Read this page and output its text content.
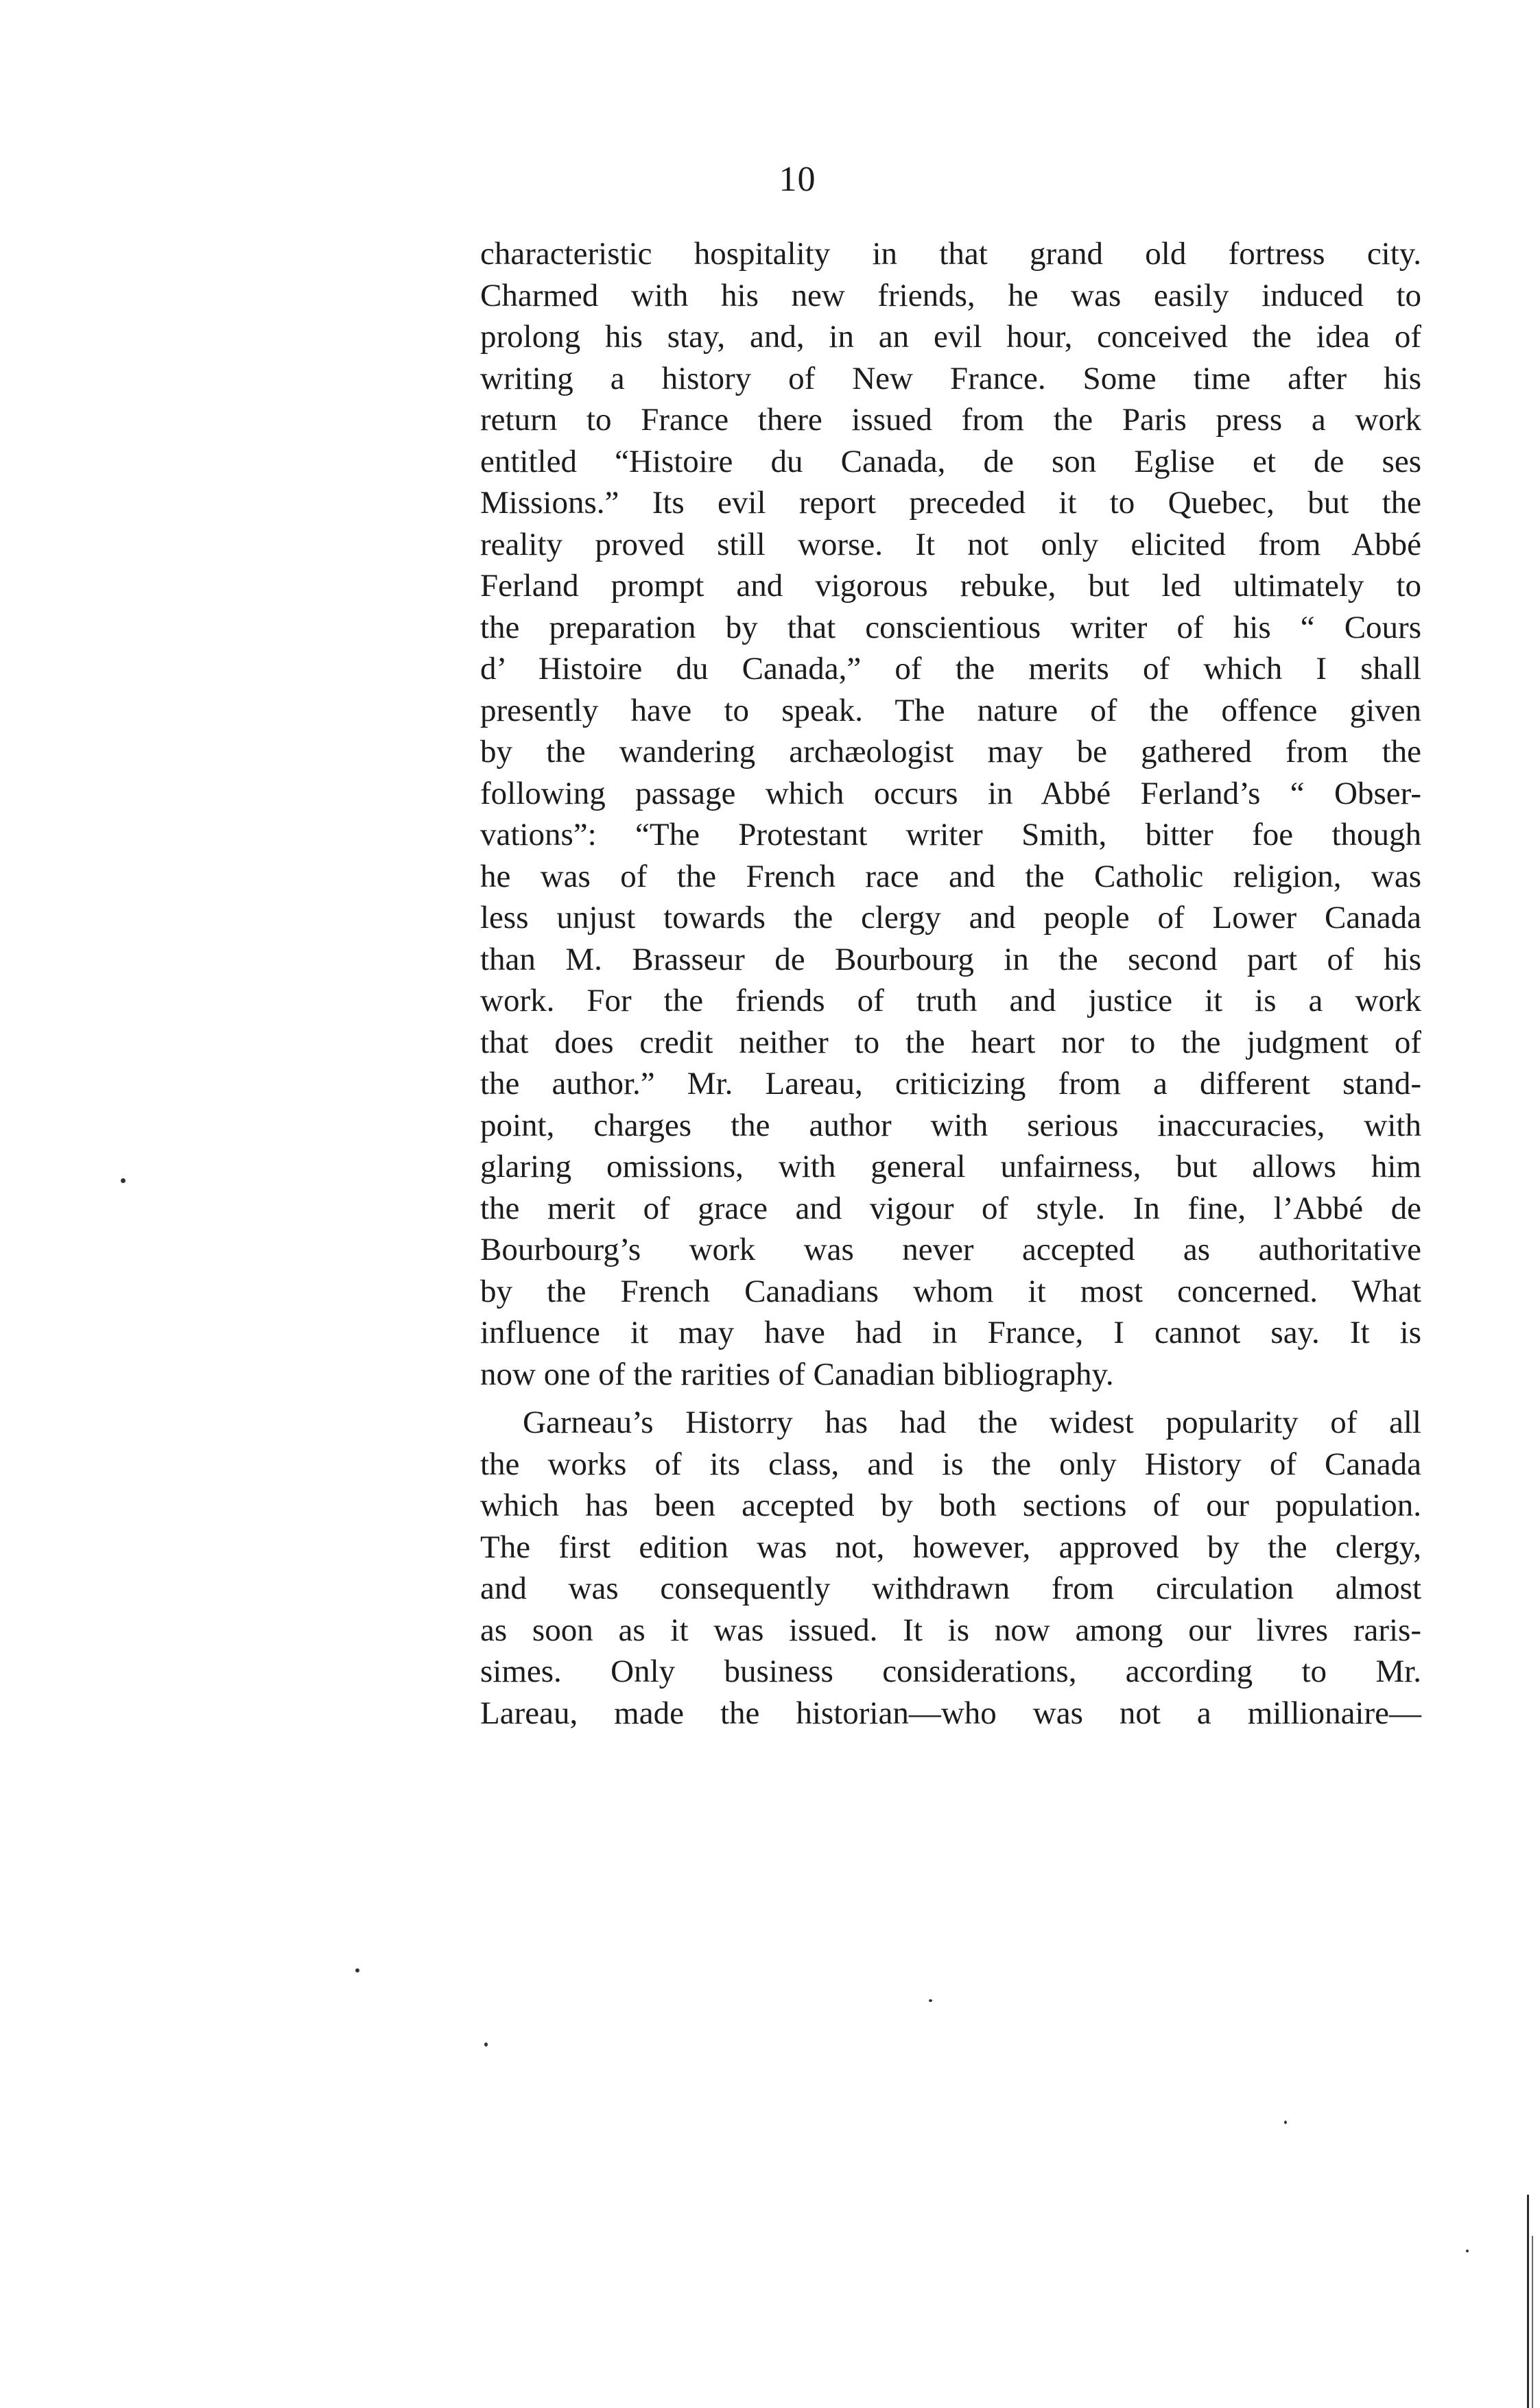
10
characteristic hospitality in that grand old fortress city.
Charmed with his new friends, he was easily induced to
prolong his stay, and, in an evil hour, conceived the idea of
writing a history of New France. Some time after his
return to France there issued from the Paris press a work
entitled “Histoire du Canada, de son Eglise et de ses
Missions.” Its evil report preceded it to Quebec, but the
reality proved still worse. It not only elicited from Abbé
Ferland prompt and vigorous rebuke, but led ultimately to
the preparation by that conscientious writer of his “ Cours
d’ Histoire du Canada,” of the merits of which I shall
presently have to speak. The nature of the offence given
by the wandering archæologist may be gathered from the
following passage which occurs in Abbé Ferland’s “ Obser-
vations”: “The Protestant writer Smith, bitter foe though
he was of the French race and the Catholic religion, was
less unjust towards the clergy and people of Lower Canada
than M. Brasseur de Bourbourg in the second part of his
work. For the friends of truth and justice it is a work
that does credit neither to the heart nor to the judgment of
the author.” Mr. Lareau, criticizing from a different stand-
point, charges the author with serious inaccuracies, with
glaring omissions, with general unfairness, but allows him
the merit of grace and vigour of style. In fine, l’Abbé de
Bourbourg’s work was never accepted as authoritative
by the French Canadians whom it most concerned. What
influence it may have had in France, I cannot say. It is
now one of the rarities of Canadian bibliography.
Garneau’s Historry has had the widest popularity of all
the works of its class, and is the only History of Canada
which has been accepted by both sections of our population.
The first edition was not, however, approved by the clergy,
and was consequently withdrawn from circulation almost
as soon as it was issued. It is now among our livres raris-
simes. Only business considerations, according to Mr.
Lareau, made the historian—who was not a millionaire—
